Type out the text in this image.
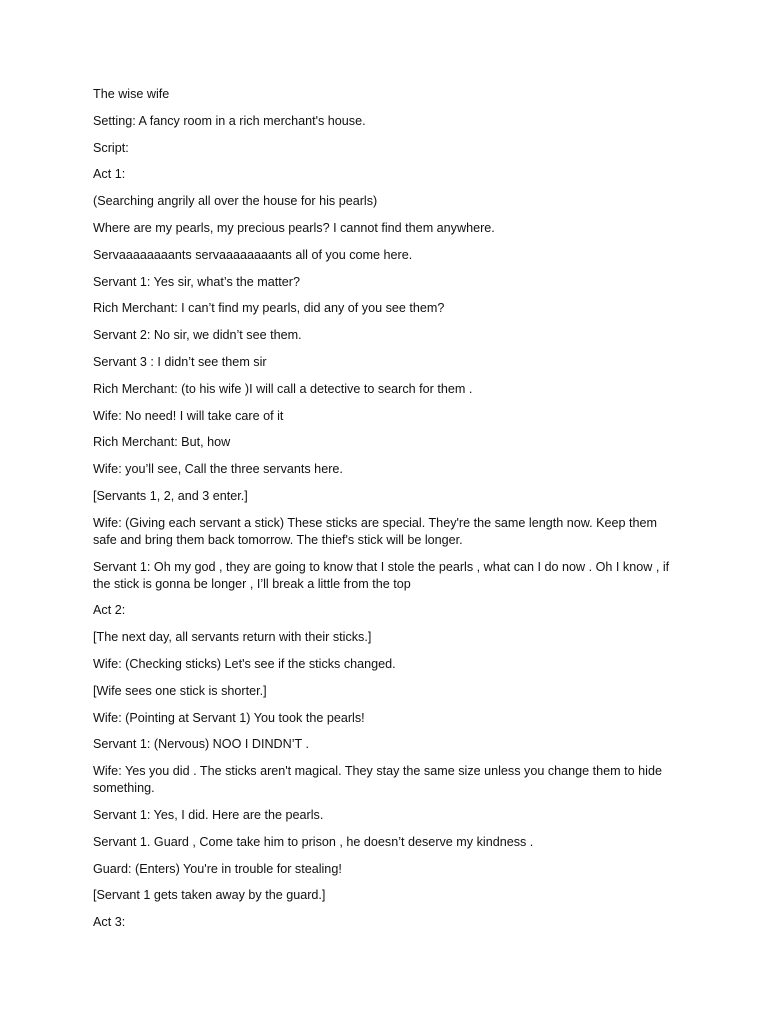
The wise wife

Setting: A fancy room in a rich merchant's house.

Script:

Act 1:

(Searching angrily all over the house for his pearls)

Where are my pearls, my precious pearls? I cannot find them anywhere.

Servaaaaaaaants servaaaaaaaants all of you come here.

Servant 1: Yes sir, what’s the matter?

Rich Merchant: I can’t find my pearls, did any of you see them?

Servant 2: No sir, we didn’t see them.

Servant 3 : I didn’t see them sir

Rich Merchant: (to his wife )I will call a detective to search for them .

Wife: No need! I will take care of it

Rich Merchant: But, how

Wife: you’ll see, Call the three servants here.

[Servants 1, 2, and 3 enter.]

Wife: (Giving each servant a stick) These sticks are special. They're the same length now. Keep them safe and bring them back tomorrow. The thief's stick will be longer.

Servant 1: Oh my god , they are going to know that I stole the pearls , what can I do now . Oh I know , if the stick is gonna be longer , I’ll break a little from the top

Act 2:

[The next day, all servants return with their sticks.]

Wife: (Checking sticks) Let's see if the sticks changed.

[Wife sees one stick is shorter.]

Wife: (Pointing at Servant 1) You took the pearls!

Servant 1: (Nervous) NOO I DINDN’T .

Wife: Yes you did . The sticks aren't magical. They stay the same size unless you change them to hide something.

Servant 1: Yes, I did. Here are the pearls.

Servant 1. Guard , Come take him to prison , he doesn’t deserve my kindness .

Guard: (Enters) You're in trouble for stealing!

[Servant 1 gets taken away by the guard.]

Act 3:
